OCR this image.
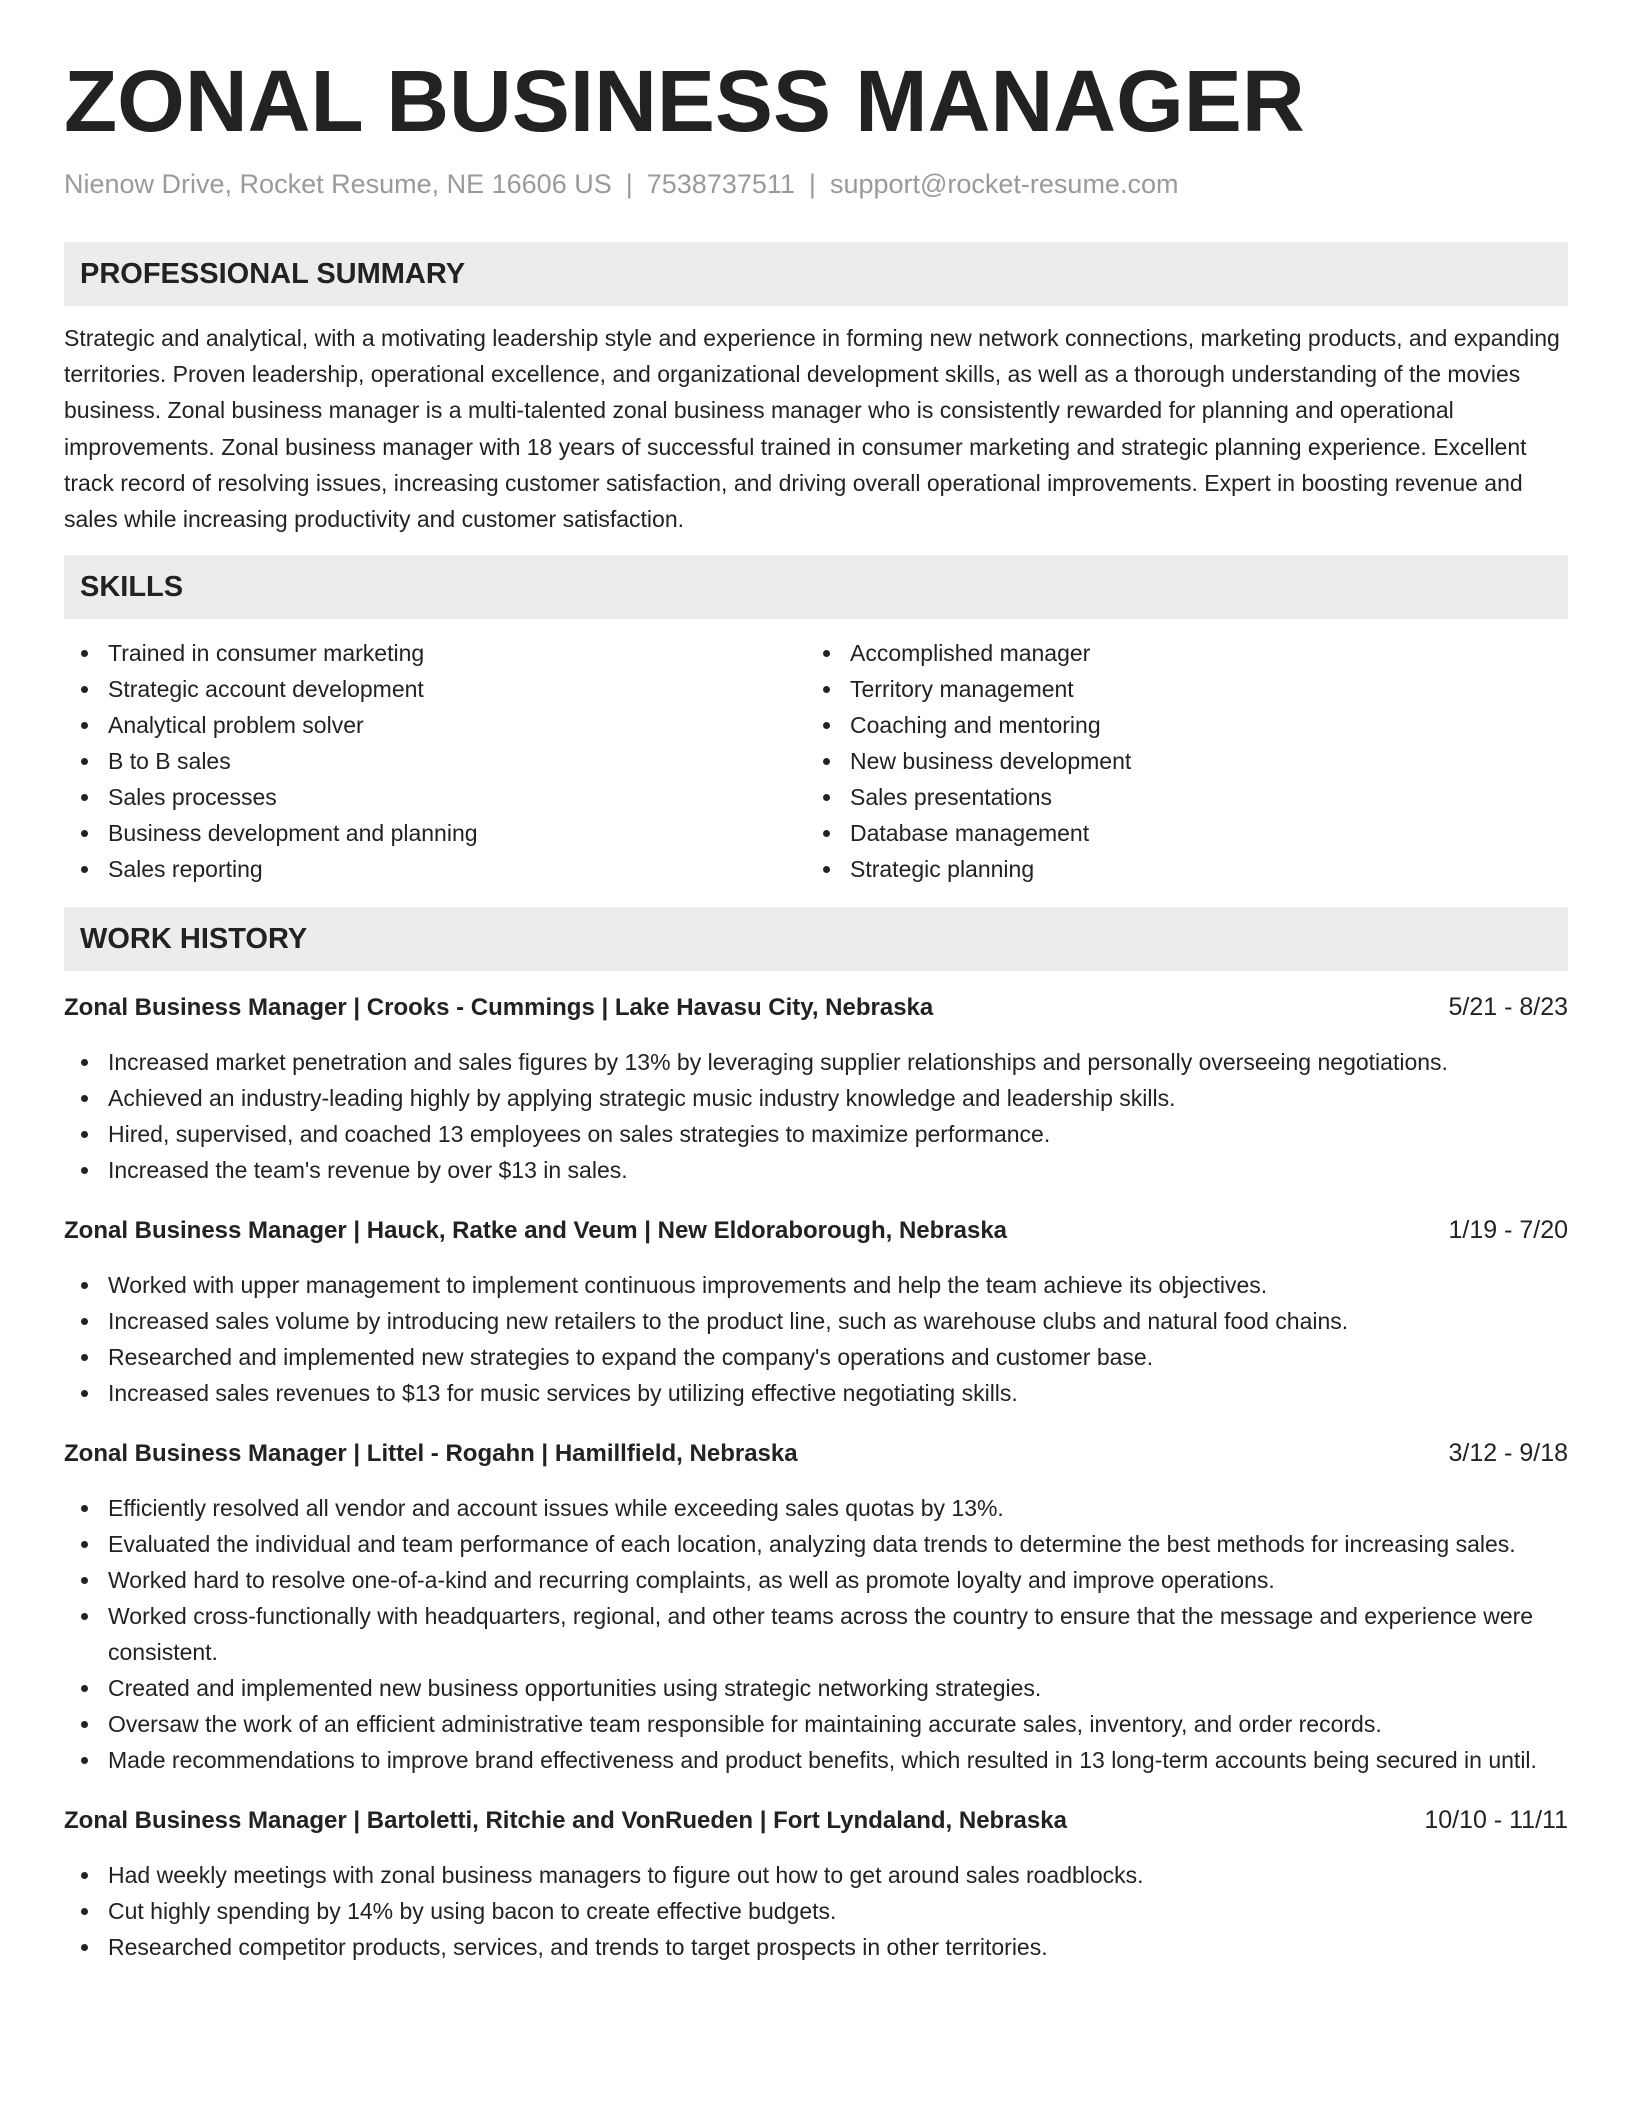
ZONAL BUSINESS MANAGER
Nienow Drive, Rocket Resume, NE 16606 US | 7538737511 | support@rocket-resume.com
PROFESSIONAL SUMMARY

Strategic and analytical, with a motivating leadership style and experience in forming new network connections, marketing products, and expanding territories. Proven leadership, operational excellence, and organizational development skills, as well as a thorough understanding of the movies business. Zonal business manager is a multi-talented zonal business manager who is consistently rewarded for planning and operational improvements. Zonal business manager with 18 years of successful trained in consumer marketing and strategic planning experience. Excellent track record of resolving issues, increasing customer satisfaction, and driving overall operational improvements. Expert in boosting revenue and sales while increasing productivity and customer satisfaction.

SKILLS
Trained in consumer marketing
Strategic account development
Analytical problem solver
B to B sales
Sales processes
Business development and planning
Sales reporting
Accomplished manager
Territory management
Coaching and mentoring
New business development
Sales presentations
Database management
Strategic planning
WORK HISTORY
Zonal Business Manager | Crooks - Cummings | Lake Havasu City, Nebraska	5/21 - 8/23
Increased market penetration and sales figures by 13% by leveraging supplier relationships and personally overseeing negotiations.
Achieved an industry-leading highly by applying strategic music industry knowledge and leadership skills.
Hired, supervised, and coached 13 employees on sales strategies to maximize performance.
Increased the team's revenue by over $13 in sales.
Zonal Business Manager | Hauck, Ratke and Veum | New Eldoraborough, Nebraska	1/19 - 7/20
Worked with upper management to implement continuous improvements and help the team achieve its objectives.
Increased sales volume by introducing new retailers to the product line, such as warehouse clubs and natural food chains.
Researched and implemented new strategies to expand the company's operations and customer base.
Increased sales revenues to $13 for music services by utilizing effective negotiating skills.
Zonal Business Manager | Littel - Rogahn | Hamillfield, Nebraska	3/12 - 9/18
Efficiently resolved all vendor and account issues while exceeding sales quotas by 13%.
Evaluated the individual and team performance of each location, analyzing data trends to determine the best methods for increasing sales.
Worked hard to resolve one-of-a-kind and recurring complaints, as well as promote loyalty and improve operations.
Worked cross-functionally with headquarters, regional, and other teams across the country to ensure that the message and experience were consistent.
Created and implemented new business opportunities using strategic networking strategies.
Oversaw the work of an efficient administrative team responsible for maintaining accurate sales, inventory, and order records.
Made recommendations to improve brand effectiveness and product benefits, which resulted in 13 long-term accounts being secured in until.
Zonal Business Manager | Bartoletti, Ritchie and VonRueden | Fort Lyndaland, Nebraska	10/10 - 11/11
Had weekly meetings with zonal business managers to figure out how to get around sales roadblocks.
Cut highly spending by 14% by using bacon to create effective budgets.
Researched competitor products, services, and trends to target prospects in other territories.
